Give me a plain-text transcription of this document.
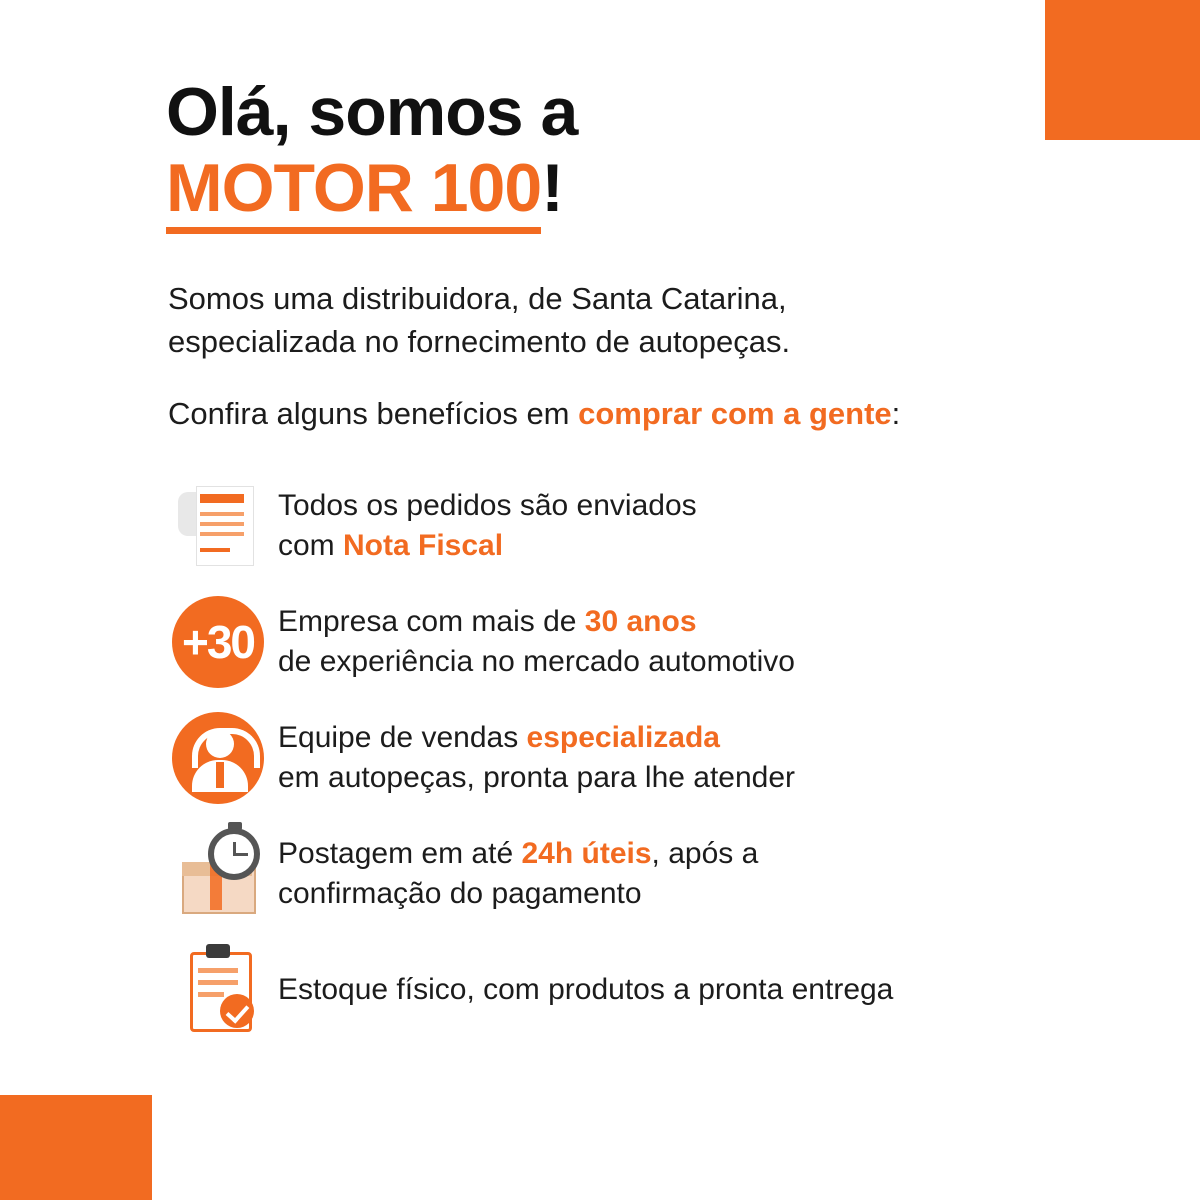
Olá, somos a
MOTOR 100 !
Somos uma distribuidora, de Santa Catarina,
especializada no fornecimento de autopeças.
Confira alguns benefícios em comprar com a gente:
Todos os pedidos são enviados
com Nota Fiscal
+30 Empresa com mais de 30 anos
de experiência no mercado automotivo
Equipe de vendas especializada
em autopeças, pronta para lhe atender
Postagem em até 24h úteis, após a
confirmação do pagamento
Estoque físico, com produtos a pronta entrega
